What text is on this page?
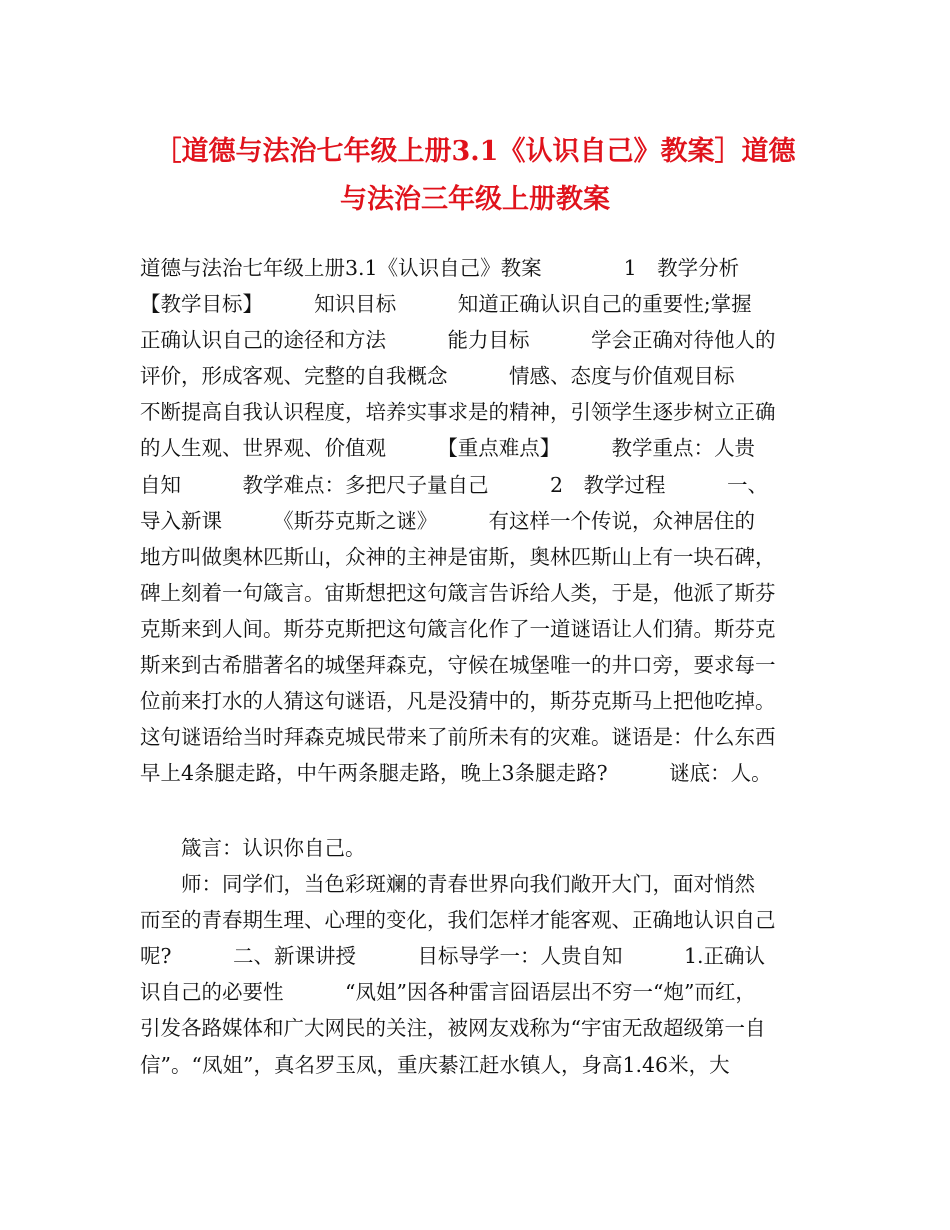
［道德与法治七年级上册3.1《认识自己》教案］道德
与法治三年级上册教案
道德与法治七年级上册3.1《认识自己》教案　　　　1　教学分析
【教学目标】　　　知识目标　　　知道正确认识自己的重要性;掌握
正确认识自己的途径和方法　　　能力目标　　　学会正确对待他人的
评价，形成客观、完整的自我概念　　　情感、态度与价值观目标
不断提高自我认识程度，培养实事求是的精神，引领学生逐步树立正确
的人生观、世界观、价值观　　　【重点难点】　　　教学重点：人贵
自知　　　教学难点：多把尺子量自己　　　2　教学过程　　　一、
导入新课　　　《斯芬克斯之谜》　　　有这样一个传说，众神居住的
地方叫做奥林匹斯山，众神的主神是宙斯，奥林匹斯山上有一块石碑，
碑上刻着一句箴言。宙斯想把这句箴言告诉给人类，于是，他派了斯芬
克斯来到人间。斯芬克斯把这句箴言化作了一道谜语让人们猜。斯芬克
斯来到古希腊著名的城堡拜森克，守候在城堡唯一的井口旁，要求每一
位前来打水的人猜这句谜语，凡是没猜中的，斯芬克斯马上把他吃掉。
这句谜语给当时拜森克城民带来了前所未有的灾难。谜语是：什么东西
早上4条腿走路，中午两条腿走路，晚上3条腿走路?　　　谜底：人。
箴言：认识你自己。
师：同学们，当色彩斑斓的青春世界向我们敞开大门，面对悄然
而至的青春期生理、心理的变化，我们怎样才能客观、正确地认识自己
呢?　　　二、新课讲授　　　目标导学一：人贵自知　　　1.正确认
识自己的必要性　　　“凤姐”因各种雷言囧语层出不穷一“炮”而红，
引发各路媒体和广大网民的关注，被网友戏称为“宇宙无敌超级第一自
信”。“凤姐”，真名罗玉凤，重庆綦江赶水镇人，身高1.46米，大
